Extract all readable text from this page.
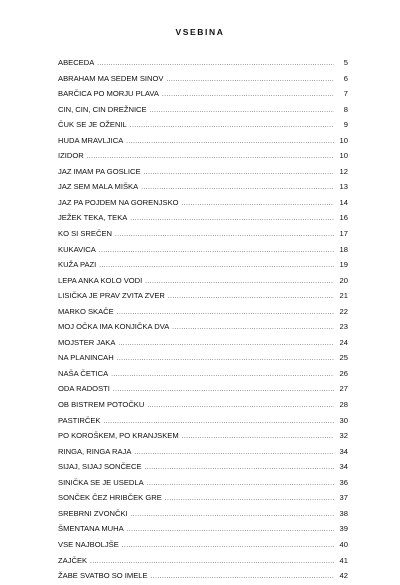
VSEBINA
ABECEDA .....	5
ABRAHAM MA SEDEM SINOV .....	6
BARČICA PO MORJU PLAVA .....	7
CIN, CIN, CIN DREŽNICE .....	8
ČUK SE JE OŽENIL .....	9
HUDA MRAVLJICA .....	10
IZIDOR .....	10
JAZ IMAM PA GOSLICE .....	12
JAZ SEM MALA MIŠKA .....	13
JAZ PA POJDEM NA GORENJSKO .....	14
JEŽEK TEKA, TEKA .....	16
KO SI SREČEN .....	17
KUKAVICA .....	18
KUŽA PAZI .....	19
LEPA ANKA KOLO VODI .....	20
LISIČKA JE PRAV ZVITA ZVER .....	21
MARKO SKAČE .....	22
MOJ OČKA IMA KONJIČKA DVA .....	23
MOJSTER JAKA .....	24
NA PLANINCAH .....	25
NAŠA ČETICA .....	26
ODA RADOSTI .....	27
OB BISTREM POTOČKU .....	28
PASTIRČEK .....	30
PO KOROŠKEM, PO KRANJSKEM .....	32
RINGA, RINGA RAJA .....	34
SIJAJ, SIJAJ SONČECE .....	34
SINIČKA SE JE USEDLA .....	36
SONČEK ČEZ HRIBČEK GRE .....	37
SREBRNI ZVONČKI .....	38
ŠMENTANA MUHA .....	39
VSE NAJBOLJŠE .....	40
ZAJČEK .....	41
ŽABE SVATBO SO IMELE .....	42
